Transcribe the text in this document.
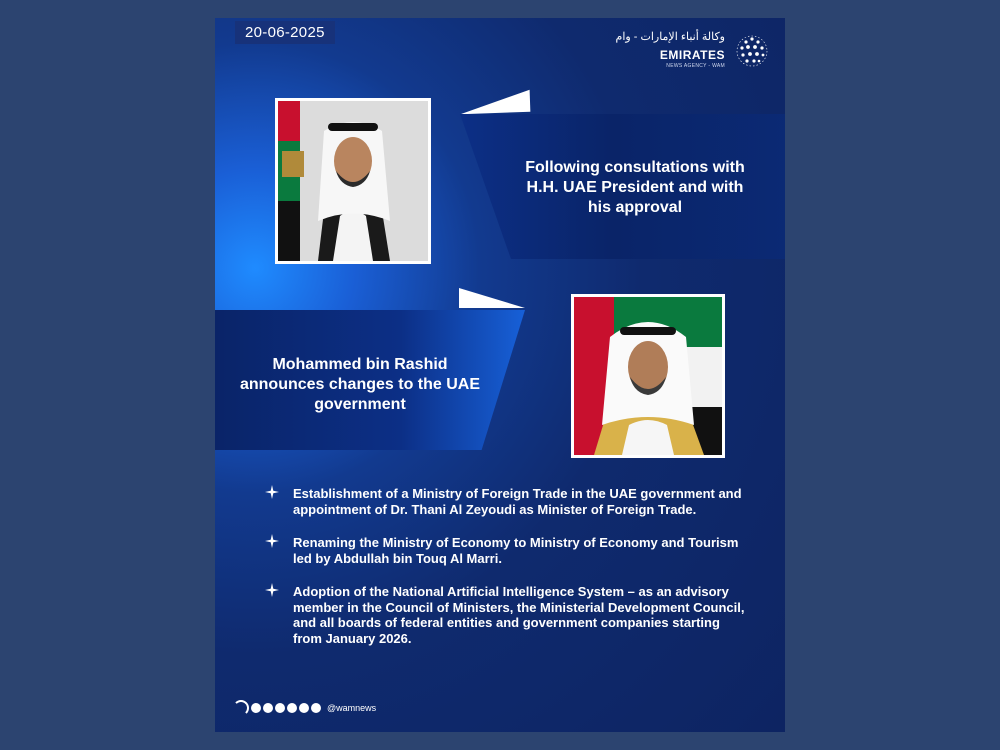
20-06-2025	وكالة أنباء الإمارات - وام
EMIRATES
NEWS AGENCY - WAM
Following consultations with H.H. UAE President and with his approval
Mohammed bin Rashid announces changes to the UAE government
Establishment of a Ministry of Foreign Trade in the UAE government and appointment of Dr. Thani Al Zeyoudi as Minister of Foreign Trade.
Renaming the Ministry of Economy to Ministry of Economy and Tourism led by Abdullah bin Touq Al Marri.
Adoption of the National Artificial Intelligence System – as an advisory member in the Council of Ministers, the Ministerial Development Council, and all boards of federal entities and government companies starting from January 2026.
@wamnews
